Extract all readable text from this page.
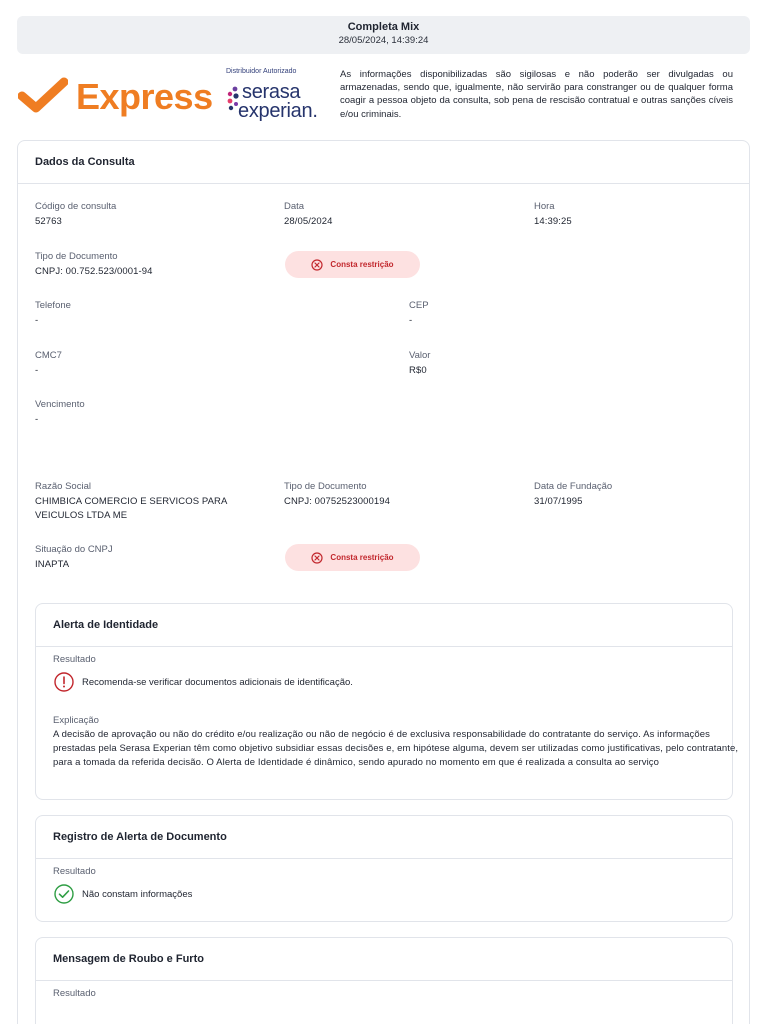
Completa Mix
28/05/2024, 14:39:24
Express
Distribuidor Autorizado
serasa
experian.
As informações disponibilizadas são sigilosas e não poderão ser divulgadas ou armazenadas, sendo que, igualmente, não servirão para constranger ou de qualquer forma coagir a pessoa objeto da consulta, sob pena de rescisão contratual e outras sanções cíveis e/ou criminais.
Dados da Consulta
Código de consulta
52763
Data
28/05/2024
Hora
14:39:25
Tipo de Documento
CNPJ: 00.752.523/0001-94
Consta restrição
Telefone
-
CEP
-
CMC7
-
Valor
R$0
Vencimento
-
Razão Social
CHIMBICA COMERCIO E SERVICOS PARA
VEICULOS LTDA ME
Tipo de Documento
CNPJ: 00752523000194
Data de Fundação
31/07/1995
Situação do CNPJ
INAPTA
Consta restrição
Alerta de Identidade
Resultado
Recomenda-se verificar documentos adicionais de identificação.
Explicação
A decisão de aprovação ou não do crédito e/ou realização ou não de negócio é de exclusiva responsabilidade do contratante do serviço. As informações prestadas pela Serasa Experian têm como objetivo subsidiar essas decisões e, em hipótese alguma, devem ser utilizadas como justificativas, pelo contratante, para a tomada da referida decisão. O Alerta de Identidade é dinâmico, sendo apurado no momento em que é realizada a consulta ao serviço
Registro de Alerta de Documento
Resultado
Não constam informações
Mensagem de Roubo e Furto
Resultado
